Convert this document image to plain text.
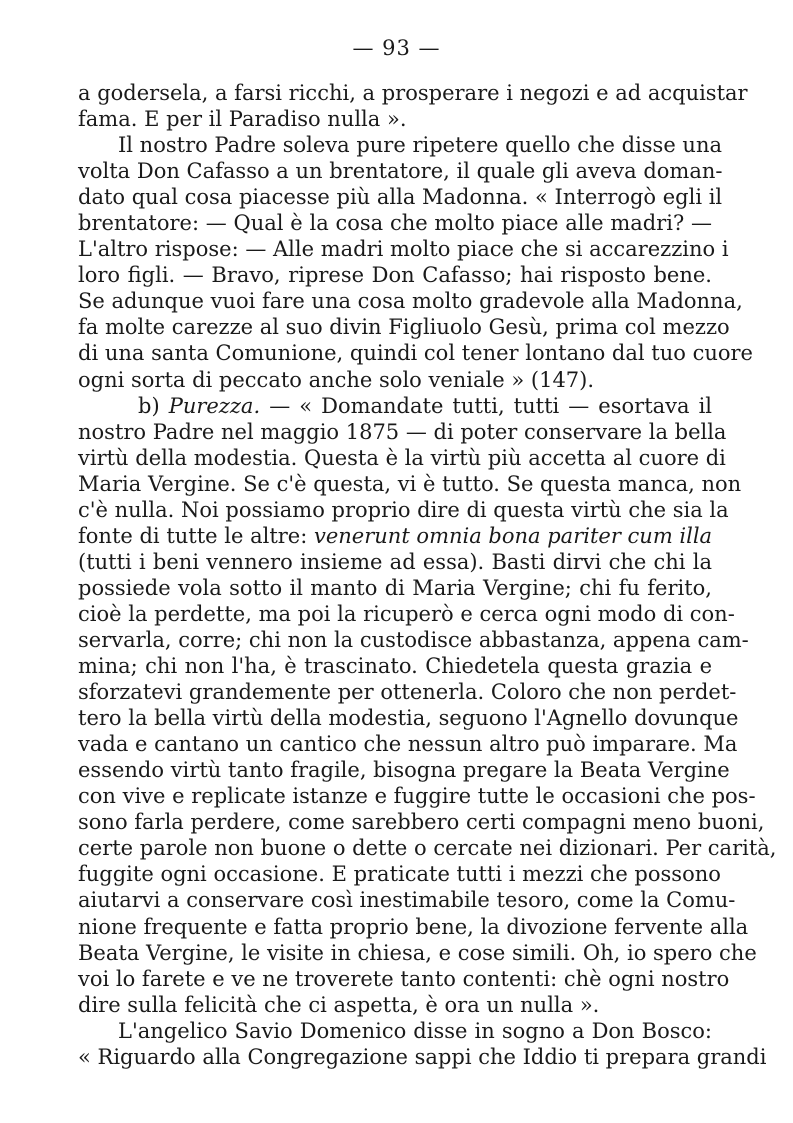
— 93 —
a godersela, a farsi ricchi, a prosperare i negozi e ad acquistar
fama. E per il Paradiso nulla ».
Il nostro Padre soleva pure ripetere quello che disse una
volta Don Cafasso a un brentatore, il quale gli aveva doman-
dato qual cosa piacesse più alla Madonna. « Interrogò egli il
brentatore: — Qual è la cosa che molto piace alle madri? —
L'altro rispose: — Alle madri molto piace che si accarezzino i
loro figli. — Bravo, riprese Don Cafasso; hai risposto bene.
Se adunque vuoi fare una cosa molto gradevole alla Madonna,
fa molte carezze al suo divin Figliuolo Gesù, prima col mezzo
di una santa Comunione, quindi col tener lontano dal tuo cuore
ogni sorta di peccato anche solo veniale » (147).
b) Purezza. — « Domandate tutti, tutti — esortava il
nostro Padre nel maggio 1875 — di poter conservare la bella
virtù della modestia. Questa è la virtù più accetta al cuore di
Maria Vergine. Se c'è questa, vi è tutto. Se questa manca, non
c'è nulla. Noi possiamo proprio dire di questa virtù che sia la
fonte di tutte le altre: venerunt omnia bona pariter cum illa
(tutti i beni vennero insieme ad essa). Basti dirvi che chi la
possiede vola sotto il manto di Maria Vergine; chi fu ferito,
cioè la perdette, ma poi la ricuperò e cerca ogni modo di con-
servarla, corre; chi non la custodisce abbastanza, appena cam-
mina; chi non l'ha, è trascinato. Chiedetela questa grazia e
sforzatevi grandemente per ottenerla. Coloro che non perdet-
tero la bella virtù della modestia, seguono l'Agnello dovunque
vada e cantano un cantico che nessun altro può imparare. Ma
essendo virtù tanto fragile, bisogna pregare la Beata Vergine
con vive e replicate istanze e fuggire tutte le occasioni che pos-
sono farla perdere, come sarebbero certi compagni meno buoni,
certe parole non buone o dette o cercate nei dizionari. Per carità,
fuggite ogni occasione. E praticate tutti i mezzi che possono
aiutarvi a conservare così inestimabile tesoro, come la Comu-
nione frequente e fatta proprio bene, la divozione fervente alla
Beata Vergine, le visite in chiesa, e cose simili. Oh, io spero che
voi lo farete e ve ne troverete tanto contenti: chè ogni nostro
dire sulla felicità che ci aspetta, è ora un nulla ».
L'angelico Savio Domenico disse in sogno a Don Bosco:
« Riguardo alla Congregazione sappi che Iddio ti prepara grandi
